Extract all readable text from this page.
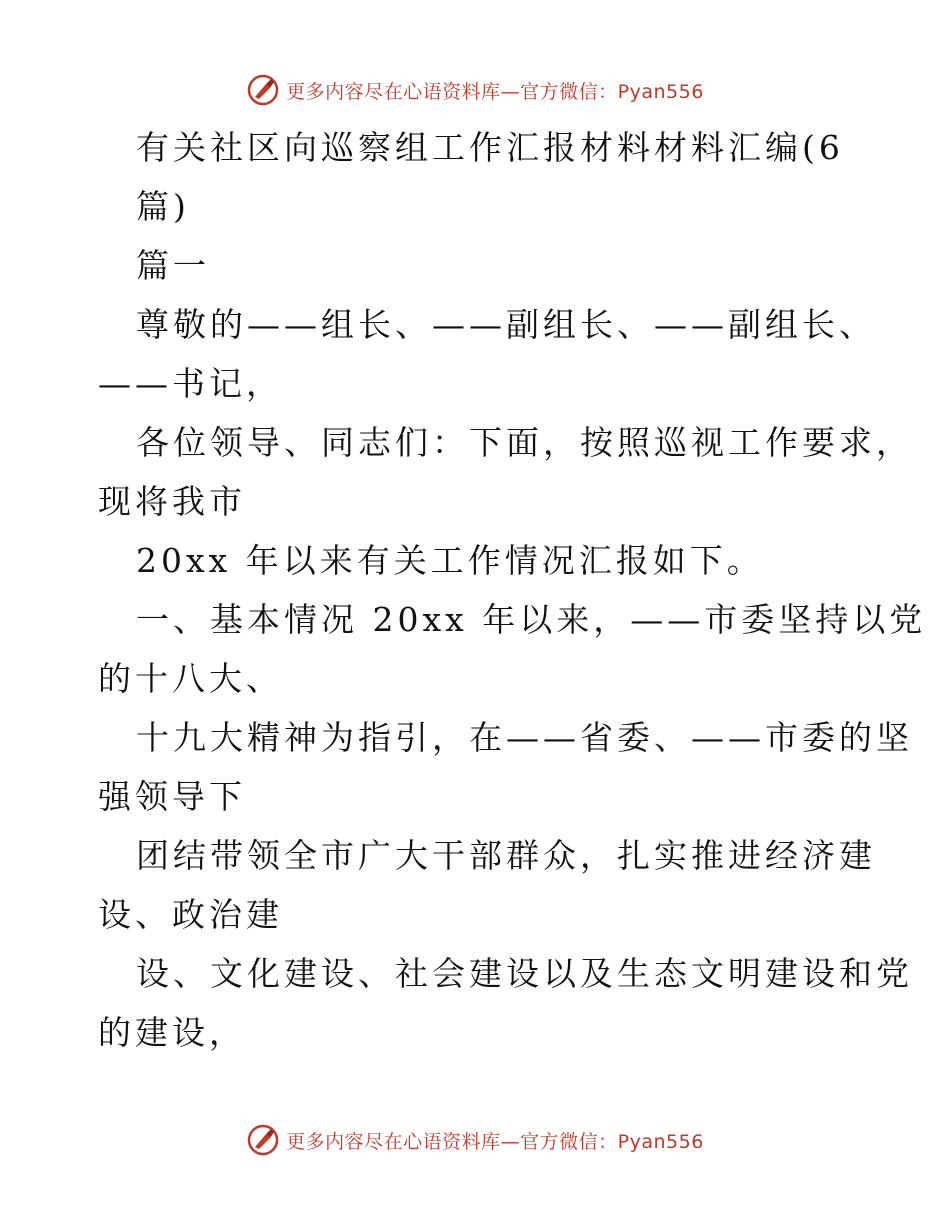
更多内容尽在心语资料库—官方微信：Pyan556
有关社区向巡察组工作汇报材料材料汇编(6
篇)
篇一
尊敬的——组长、——副组长、——副组长、
——书记，
各位领导、同志们：下面，按照巡视工作要求，
现将我市
20xx 年以来有关工作情况汇报如下。
一、基本情况 20xx 年以来，——市委坚持以党
的十八大、
十九大精神为指引，在——省委、——市委的坚
强领导下
团结带领全市广大干部群众，扎实推进经济建
设、政治建
设、文化建设、社会建设以及生态文明建设和党
的建设，
更多内容尽在心语资料库—官方微信：Pyan556
